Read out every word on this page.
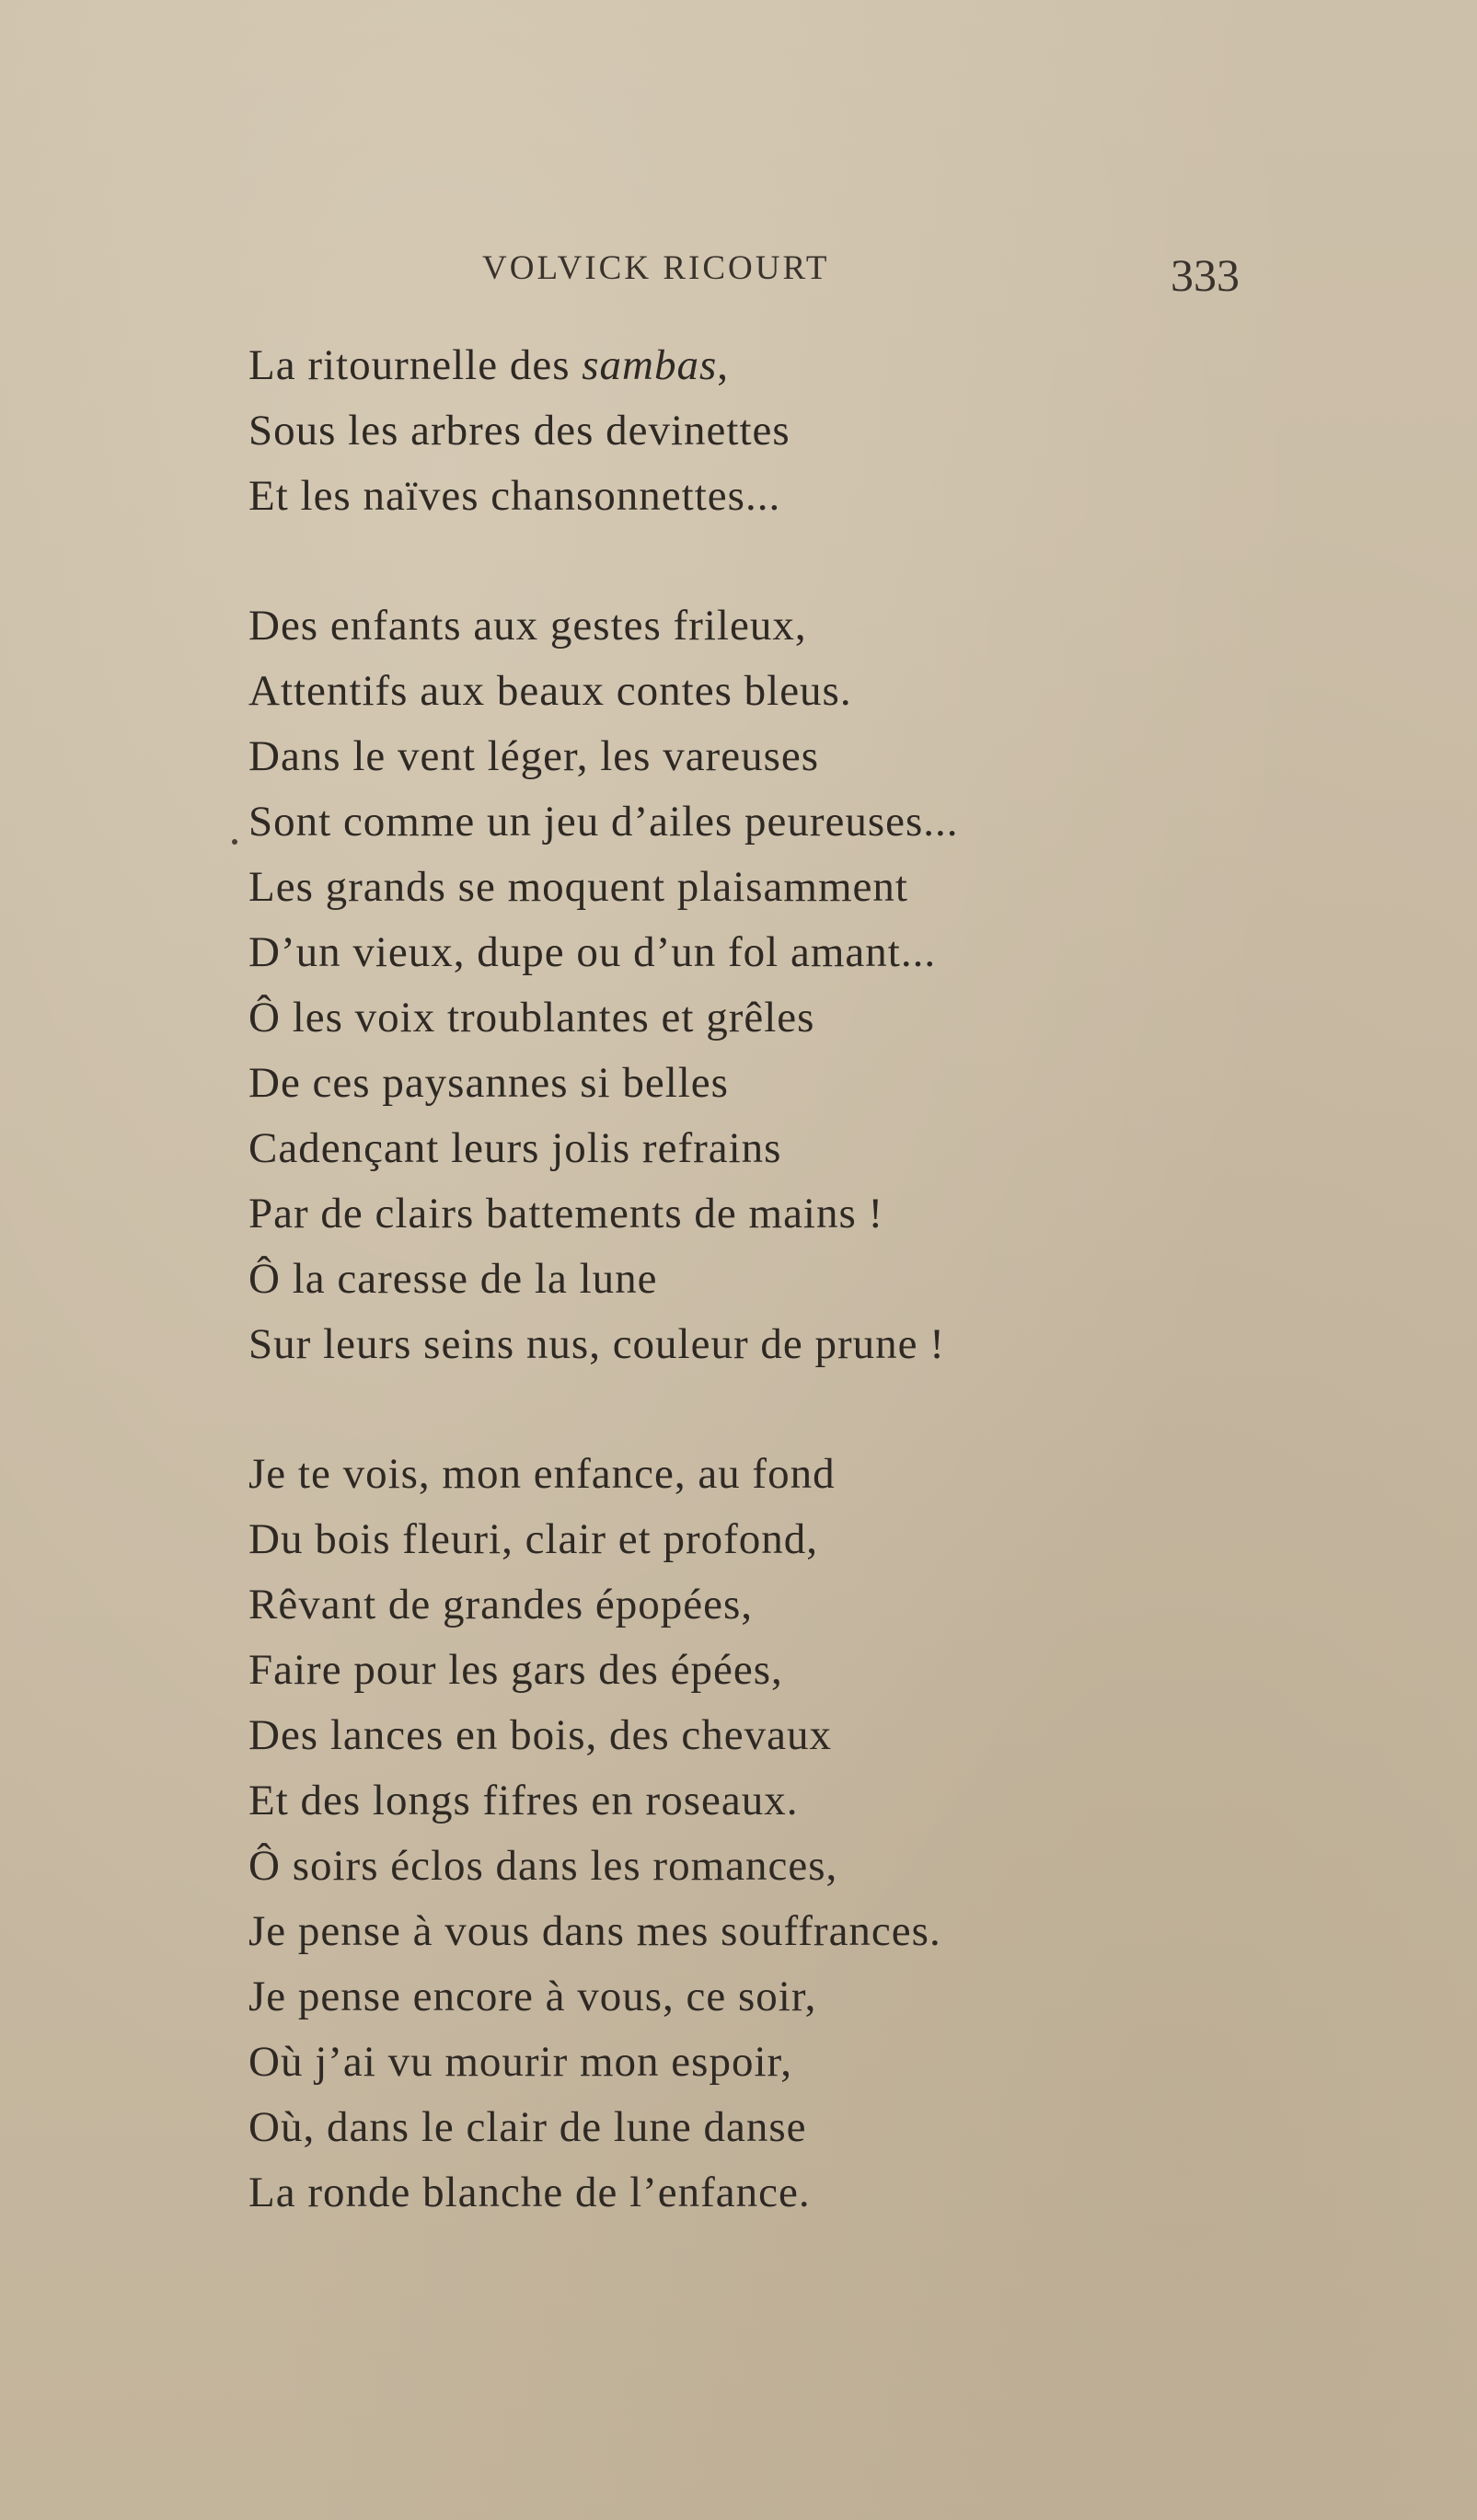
VOLVICK RICOURT	333
La ritournelle des sambas,
Sous les arbres des devinettes
Et les naïves chansonnettes...
Des enfants aux gestes frileux,
Attentifs aux beaux contes bleus.
Dans le vent léger, les vareuses
Sont comme un jeu d’ailes peureuses...
Les grands se moquent plaisamment
D’un vieux, dupe ou d’un fol amant...
Ô les voix troublantes et grêles
De ces paysannes si belles
Cadençant leurs jolis refrains
Par de clairs battements de mains !
Ô la caresse de la lune
Sur leurs seins nus, couleur de prune !
Je te vois, mon enfance, au fond
Du bois fleuri, clair et profond,
Rêvant de grandes épopées,
Faire pour les gars des épées,
Des lances en bois, des chevaux
Et des longs fifres en roseaux.
Ô soirs éclos dans les romances,
Je pense à vous dans mes souffrances.
Je pense encore à vous, ce soir,
Où j’ai vu mourir mon espoir,
Où, dans le clair de lune danse
La ronde blanche de l’enfance.
